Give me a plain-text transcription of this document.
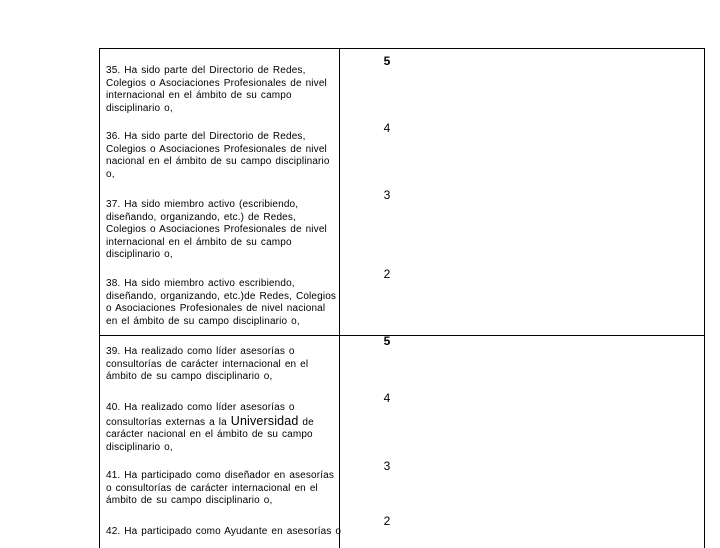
35. Ha sido parte del Directorio de Redes, Colegios o Asociaciones Profesionales de nivel internacional en el ámbito de su campo disciplinario o,
5
36. Ha sido parte del Directorio de Redes, Colegios o Asociaciones Profesionales de nivel nacional en el ámbito de su campo disciplinario o,
4
37. Ha sido miembro activo (escribiendo, diseñando, organizando, etc.) de Redes, Colegios o Asociaciones Profesionales de nivel internacional en el ámbito de su campo disciplinario o,
3
38. Ha sido miembro activo escribiendo, diseñando, organizando, etc.)de Redes, Colegios o Asociaciones Profesionales de nivel nacional en el ámbito de su campo disciplinario o,
2
39. Ha realizado como líder asesorías o consultorías de carácter internacional en el ámbito de su campo disciplinario o,
5
40. Ha realizado como líder asesorías o consultorías externas a la Universidad de carácter nacional en el ámbito de su campo disciplinario o,
4
41. Ha participado como diseñador en asesorías o consultorías de carácter internacional en el ámbito de su campo disciplinario o,
3
42. Ha participado como Ayudante en asesorías o
2
